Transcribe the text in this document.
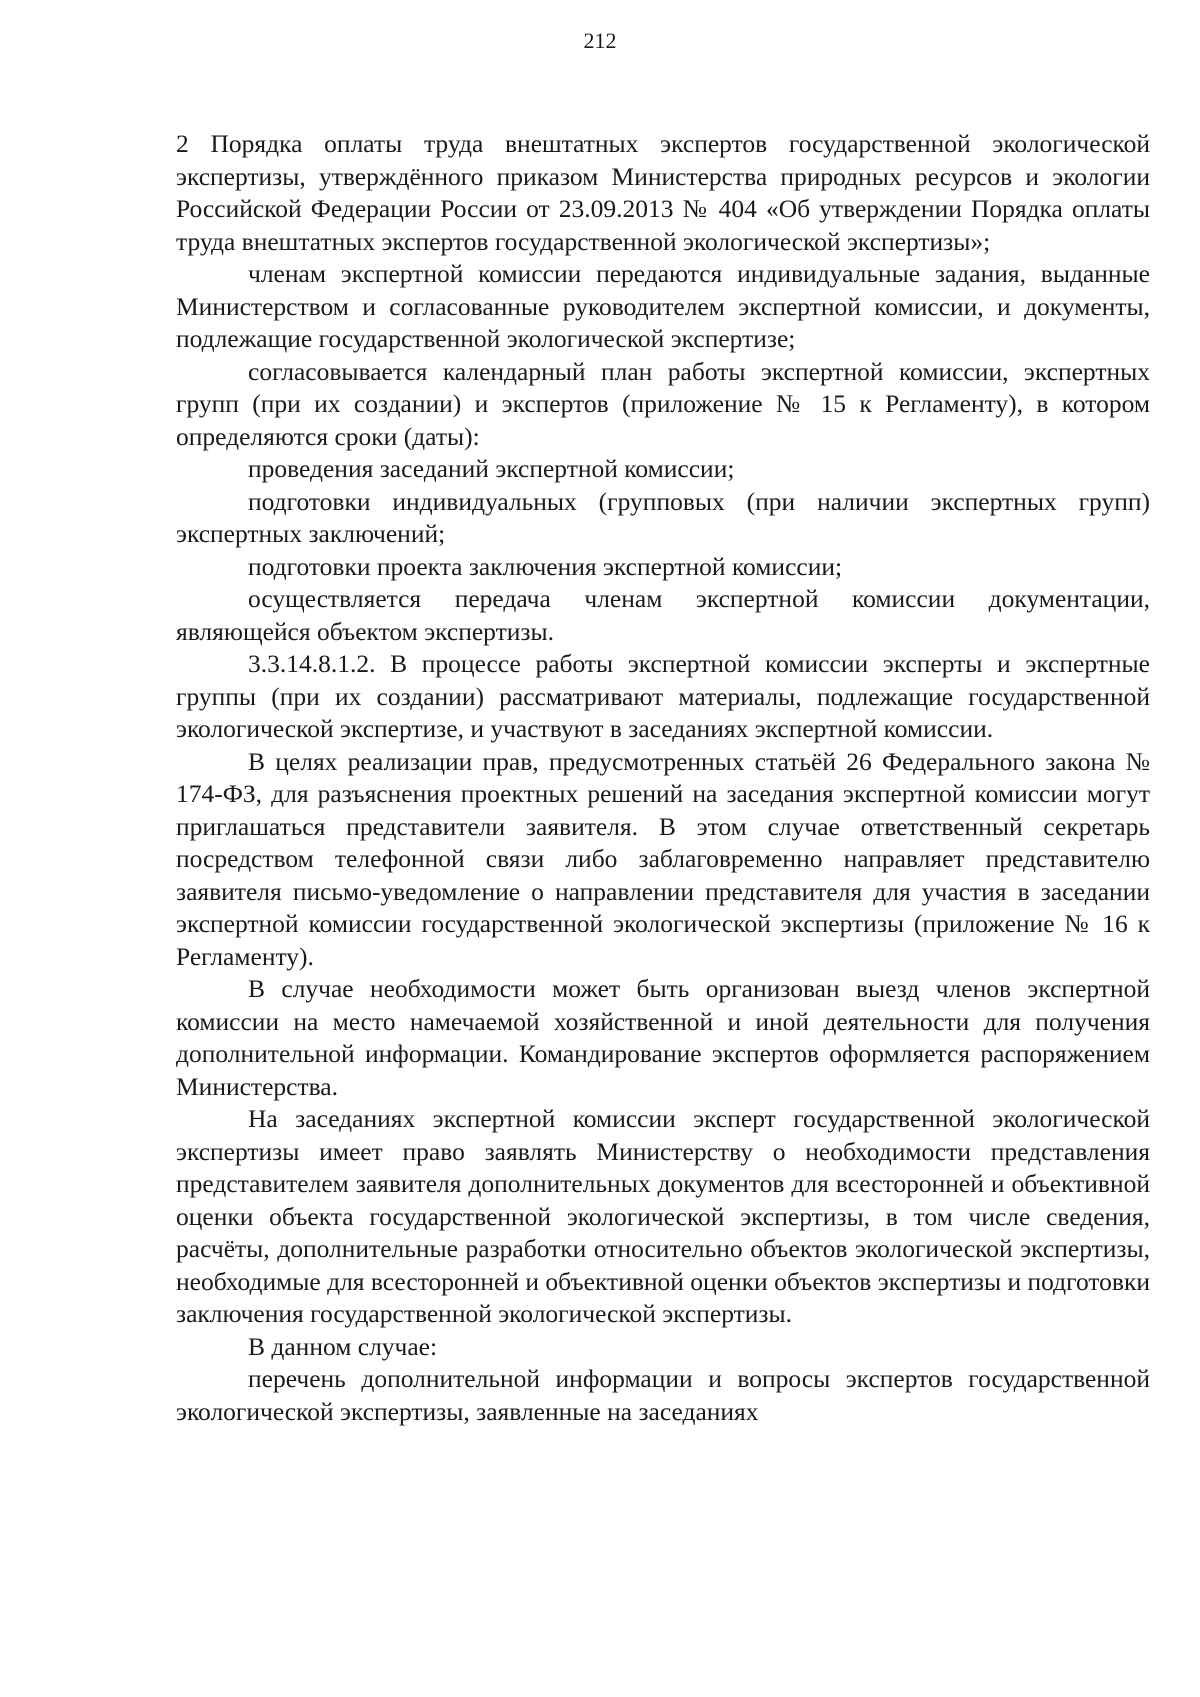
212

2 Порядка оплаты труда внештатных экспертов государственной экологической экспертизы, утверждённого приказом Министерства природных ресурсов и экологии Российской Федерации России от 23.09.2013 № 404 «Об утверждении Порядка оплаты труда внештатных экспертов государственной экологической экспертизы»;

членам экспертной комиссии передаются индивидуальные задания, выданные Министерством и согласованные руководителем экспертной комиссии, и документы, подлежащие государственной экологической экспертизе;

согласовывается календарный план работы экспертной комиссии, экспертных групп (при их создании) и экспертов (приложение № 15 к Регламенту), в котором определяются сроки (даты):

проведения заседаний экспертной комиссии;

подготовки индивидуальных (групповых (при наличии экспертных групп) экспертных заключений;

подготовки проекта заключения экспертной комиссии;

осуществляется передача членам экспертной комиссии документации, являющейся объектом экспертизы.

3.3.14.8.1.2. В процессе работы экспертной комиссии эксперты и экспертные группы (при их создании) рассматривают материалы, подлежащие государственной экологической экспертизе, и участвуют в заседаниях экспертной комиссии.

В целях реализации прав, предусмотренных статьёй 26 Федерального закона № 174-ФЗ, для разъяснения проектных решений на заседания экспертной комиссии могут приглашаться представители заявителя. В этом случае ответственный секретарь посредством телефонной связи либо заблаговременно направляет представителю заявителя письмо-уведомление о направлении представителя для участия в заседании экспертной комиссии государственной экологической экспертизы (приложение № 16 к Регламенту).

В случае необходимости может быть организован выезд членов экспертной комиссии на место намечаемой хозяйственной и иной деятельности для получения дополнительной информации. Командирование экспертов оформляется распоряжением Министерства.

На заседаниях экспертной комиссии эксперт государственной экологической экспертизы имеет право заявлять Министерству о необходимости представления представителем заявителя дополнительных документов для всесторонней и объективной оценки объекта государственной экологической экспертизы, в том числе сведения, расчёты, дополнительные разработки относительно объектов экологической экспертизы, необходимые для всесторонней и объективной оценки объектов экспертизы и подготовки заключения государственной экологической экспертизы.

В данном случае:

перечень дополнительной информации и вопросы экспертов государственной экологической экспертизы, заявленные на заседаниях
